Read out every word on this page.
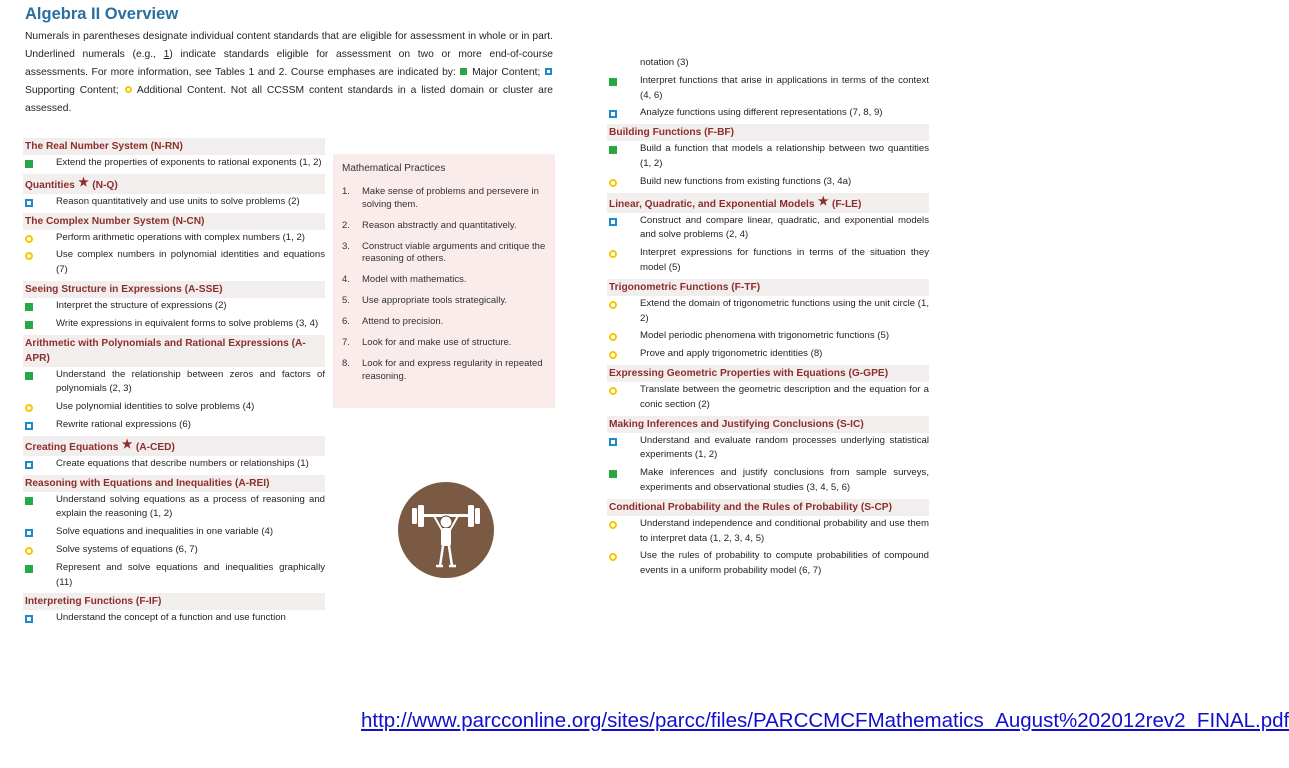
Algebra II Overview
Numerals in parentheses designate individual content standards that are eligible for assessment in whole or in part. Underlined numerals (e.g., 1) indicate standards eligible for assessment on two or more end-of-course assessments. For more information, see Tables 1 and 2. Course emphases are indicated by: Major Content;  Supporting Content; Additional Content. Not all CCSSM content standards in a listed domain or cluster are assessed.
The Real Number System (N-RN)
Extend the properties of exponents to rational exponents (1, 2)
Quantities ★ (N-Q)
Reason quantitatively and use units to solve problems (2)
The Complex Number System (N-CN)
Perform arithmetic operations with complex numbers (1, 2)
Use complex numbers in polynomial identities and equations (7)
Seeing Structure in Expressions (A-SSE)
Interpret the structure of expressions (2)
Write expressions in equivalent forms to solve problems (3, 4)
Arithmetic with Polynomials and Rational Expressions (A-APR)
Understand the relationship between zeros and factors of polynomials (2, 3)
Use polynomial identities to solve problems (4)
Rewrite rational expressions (6)
Creating Equations ★ (A-CED)
Create equations that describe numbers or relationships (1)
Reasoning with Equations and Inequalities (A-REI)
Understand solving equations as a process of reasoning and explain the reasoning (1, 2)
Solve equations and inequalities in one variable (4)
Solve systems of equations (6, 7)
Represent and solve equations and inequalities graphically (11)
Interpreting Functions (F-IF)
Understand the concept of a function and use function
notation (3)
Interpret functions that arise in applications in terms of the context (4, 6)
Analyze functions using different representations (7, 8, 9)
Building Functions (F-BF)
Build a function that models a relationship between two quantities (1, 2)
Build new functions from existing functions (3, 4a)
Linear, Quadratic, and Exponential Models ★ (F-LE)
Construct and compare linear, quadratic, and exponential models and solve problems (2, 4)
Interpret expressions for functions in terms of the situation they model (5)
Trigonometric Functions (F-TF)
Extend the domain of trigonometric functions using the unit circle (1, 2)
Model periodic phenomena with trigonometric functions (5)
Prove and apply trigonometric identities (8)
Expressing Geometric Properties with Equations (G-GPE)
Translate between the geometric description and the equation for a conic section (2)
Making Inferences and Justifying Conclusions (S-IC)
Understand and evaluate random processes underlying statistical experiments (1, 2)
Make inferences and justify conclusions from sample surveys, experiments and observational studies (3, 4, 5, 6)
Conditional Probability and the Rules of Probability (S-CP)
Understand independence and conditional probability and use them to interpret data (1, 2, 3, 4, 5)
Use the rules of probability to compute probabilities of compound events in a uniform probability model (6, 7)
Mathematical Practices
1. Make sense of problems and persevere in solving them.
2. Reason abstractly and quantitatively.
3. Construct viable arguments and critique the reasoning of others.
4. Model with mathematics.
5. Use appropriate tools strategically.
6. Attend to precision.
7. Look for and make use of structure.
8. Look for and express regularity in repeated reasoning.
http://www.parcconline.org/sites/parcc/files/PARCCMCFMathematics_August%202012rev2_FINAL.pdf
